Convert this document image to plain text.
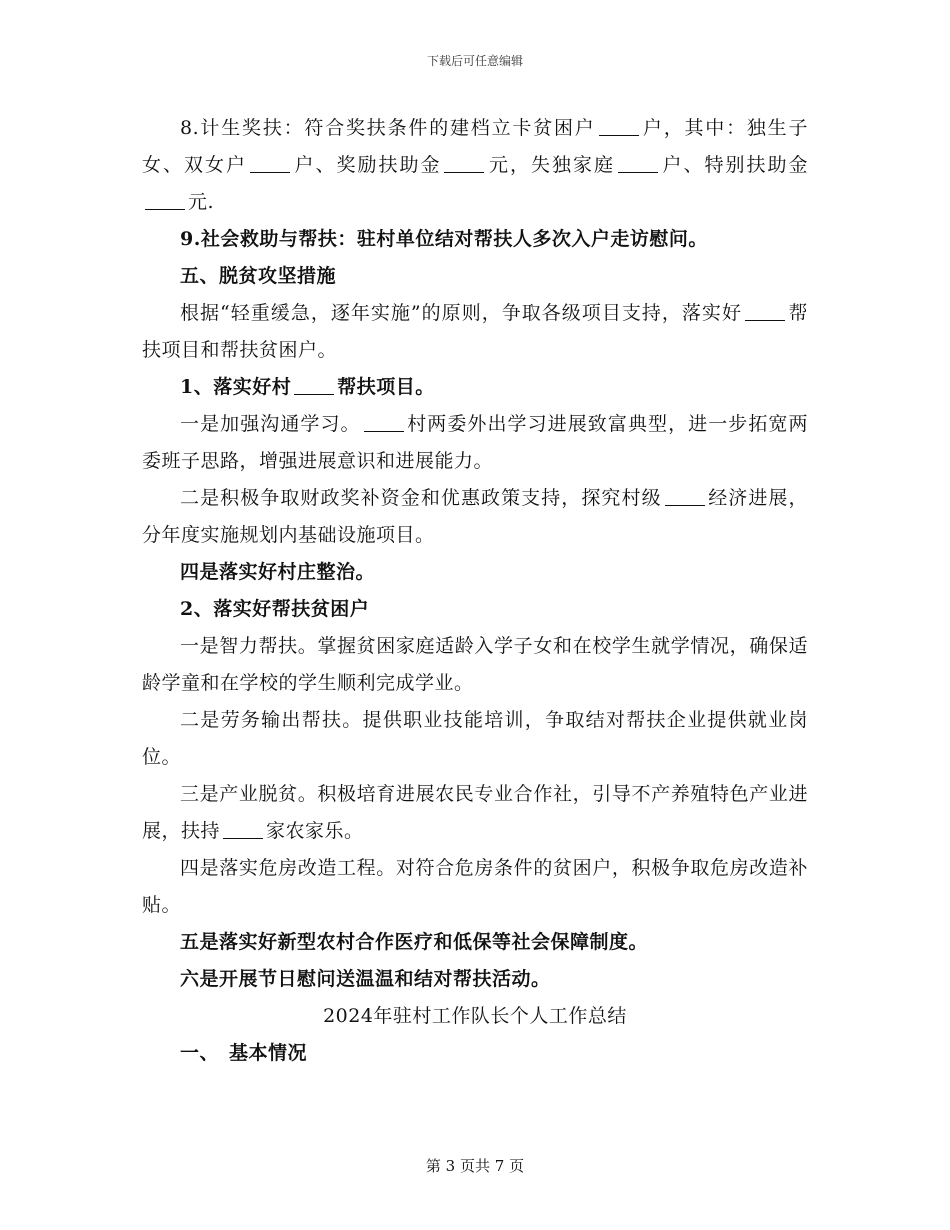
下载后可任意编辑

8.计生奖扶：符合奖扶条件的建档立卡贫困户 户，其中：独生子女、双女户 户、奖励扶助金 元，失独家庭 户、特别扶助金元.

9.社会救助与帮扶：驻村单位结对帮扶人多次入户走访慰问。

五、脱贫攻坚措施

根据“轻重缓急，逐年实施”的原则，争取各级项目支持，落实好 帮扶项目和帮扶贫困户。

1、落实好村 帮扶项目。

一是加强沟通学习。 村两委外出学习进展致富典型，进一步拓宽两委班子思路，增强进展意识和进展能力。

二是积极争取财政奖补资金和优惠政策支持，探究村级 经济进展，分年度实施规划内基础设施项目。

四是落实好村庄整治。

2、落实好帮扶贫困户

一是智力帮扶。掌握贫困家庭适龄入学子女和在校学生就学情况，确保适龄学童和在学校的学生顺利完成学业。

二是劳务输出帮扶。提供职业技能培训，争取结对帮扶企业提供就业岗位。

三是产业脱贫。积极培育进展农民专业合作社，引导不产养殖特色产业进展，扶持 家农家乐。

四是落实危房改造工程。对符合危房条件的贫困户，积极争取危房改造补贴。

五是落实好新型农村合作医疗和低保等社会保障制度。

六是开展节日慰问送温温和结对帮扶活动。

2024年驻村工作队长个人工作总结

一、　基本情况

第 3 页共 7 页
